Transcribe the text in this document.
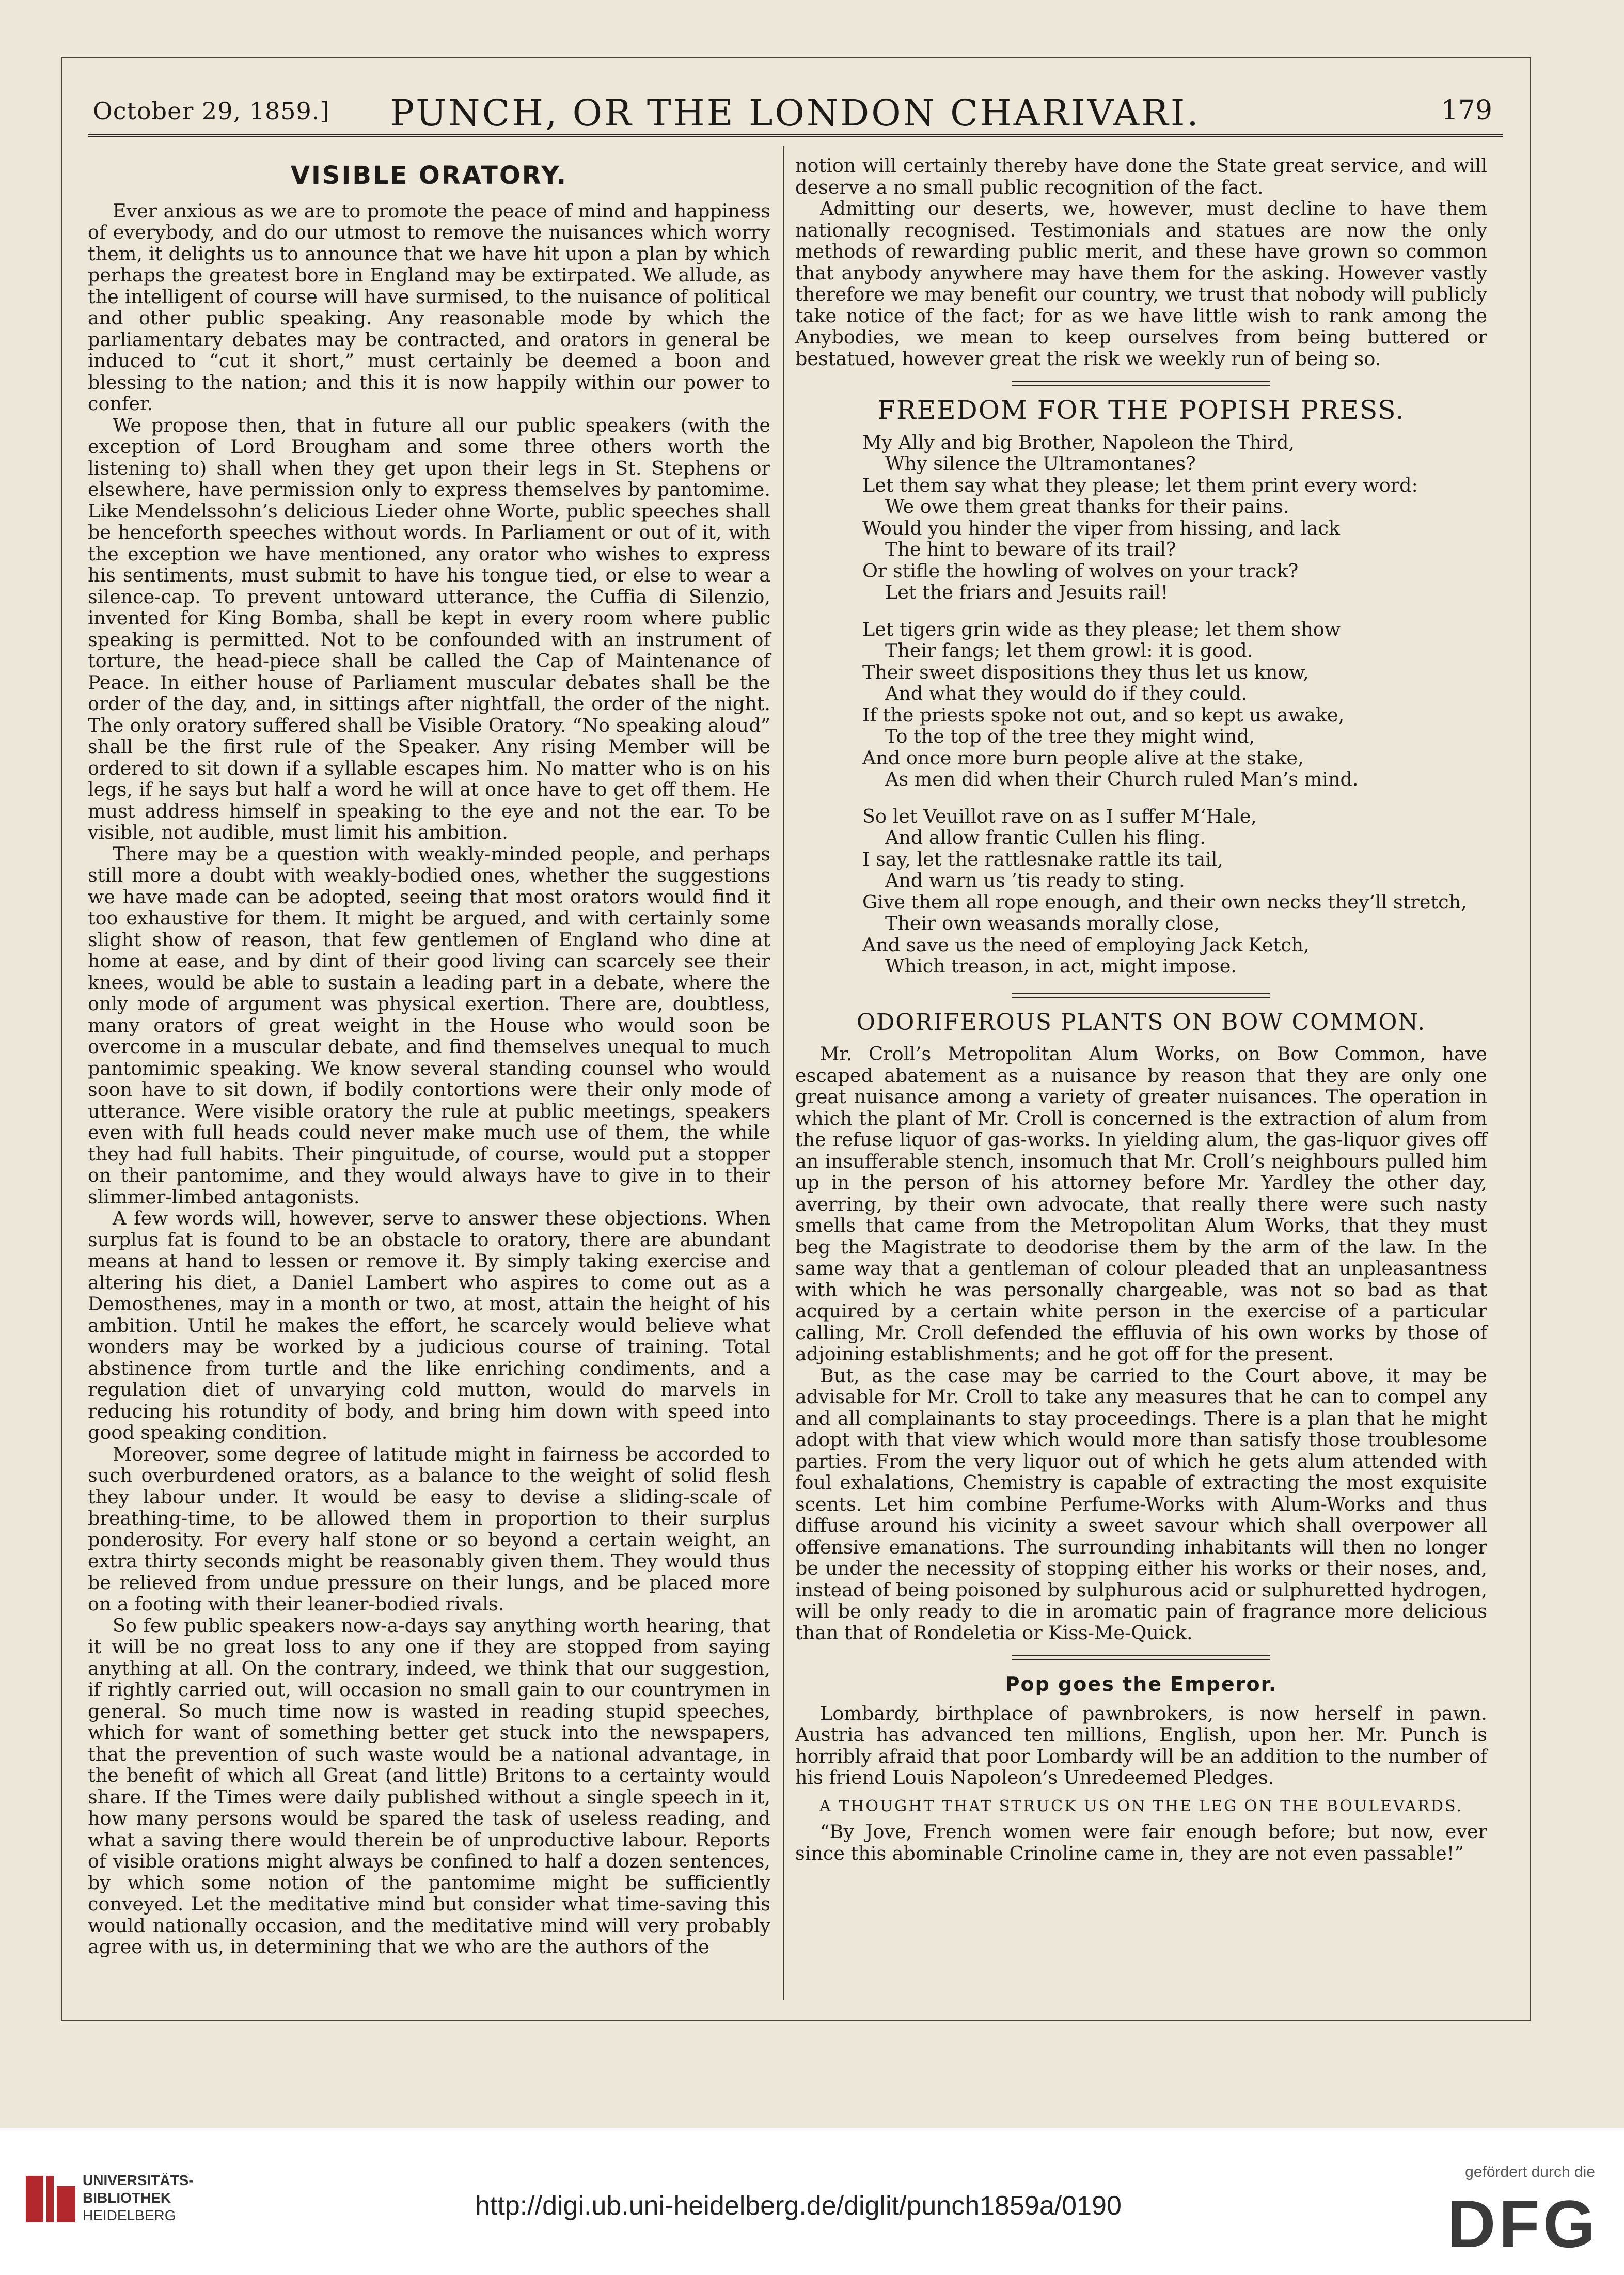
October 29, 1859.]	PUNCH, OR THE LONDON CHARIVARI.	179
VISIBLE ORATORY.

Ever anxious as we are to promote the peace of mind and happiness of everybody, and do our utmost to remove the nuisances which worry them, it delights us to announce that we have hit upon a plan by which perhaps the greatest bore in England may be extirpated. We allude, as the intelligent of course will have surmised, to the nuisance of political and other public speaking. Any reasonable mode by which the parliamentary debates may be contracted, and orators in general be induced to “cut it short,” must certainly be deemed a boon and blessing to the nation; and this it is now happily within our power to confer.

We propose then, that in future all our public speakers (with the exception of Lord Brougham and some three others worth the listening to) shall when they get upon their legs in St. Stephens or elsewhere, have permission only to express themselves by pantomime. Like Mendelssohn’s delicious Lieder ohne Worte, public speeches shall be henceforth speeches without words. In Parliament or out of it, with the exception we have mentioned, any orator who wishes to express his sentiments, must submit to have his tongue tied, or else to wear a silence-cap. To prevent untoward utterance, the Cuffia di Silenzio, invented for King Bomba, shall be kept in every room where public speaking is permitted. Not to be confounded with an instrument of torture, the head-piece shall be called the Cap of Maintenance of Peace. In either house of Parliament muscular debates shall be the order of the day, and, in sittings after nightfall, the order of the night. The only oratory suffered shall be Visible Oratory. “No speaking aloud” shall be the first rule of the Speaker. Any rising Member will be ordered to sit down if a syllable escapes him. No matter who is on his legs, if he says but half a word he will at once have to get off them. He must address himself in speaking to the eye and not the ear. To be visible, not audible, must limit his ambition.

There may be a question with weakly-minded people, and perhaps still more a doubt with weakly-bodied ones, whether the suggestions we have made can be adopted, seeing that most orators would find it too exhaustive for them. It might be argued, and with certainly some slight show of reason, that few gentlemen of England who dine at home at ease, and by dint of their good living can scarcely see their knees, would be able to sustain a leading part in a debate, where the only mode of argument was physical exertion. There are, doubtless, many orators of great weight in the House who would soon be overcome in a muscular debate, and find themselves unequal to much pantomimic speaking. We know several standing counsel who would soon have to sit down, if bodily contortions were their only mode of utterance. Were visible oratory the rule at public meetings, speakers even with full heads could never make much use of them, the while they had full habits. Their pinguitude, of course, would put a stopper on their pantomime, and they would always have to give in to their slimmer-limbed antagonists.

A few words will, however, serve to answer these objections. When surplus fat is found to be an obstacle to oratory, there are abundant means at hand to lessen or remove it. By simply taking exercise and altering his diet, a Daniel Lambert who aspires to come out as a Demosthenes, may in a month or two, at most, attain the height of his ambition. Until he makes the effort, he scarcely would believe what wonders may be worked by a judicious course of training. Total abstinence from turtle and the like enriching condiments, and a regulation diet of unvarying cold mutton, would do marvels in reducing his rotundity of body, and bring him down with speed into good speaking condition.

Moreover, some degree of latitude might in fairness be accorded to such overburdened orators, as a balance to the weight of solid flesh they labour under. It would be easy to devise a sliding-scale of breathing-time, to be allowed them in proportion to their surplus ponderosity. For every half stone or so beyond a certain weight, an extra thirty seconds might be reasonably given them. They would thus be relieved from undue pressure on their lungs, and be placed more on a footing with their leaner-bodied rivals.

So few public speakers now-a-days say anything worth hearing, that it will be no great loss to any one if they are stopped from saying anything at all. On the contrary, indeed, we think that our suggestion, if rightly carried out, will occasion no small gain to our countrymen in general. So much time now is wasted in reading stupid speeches, which for want of something better get stuck into the newspapers, that the prevention of such waste would be a national advantage, in the benefit of which all Great (and little) Britons to a certainty would share. If the Times were daily published without a single speech in it, how many persons would be spared the task of useless reading, and what a saving there would therein be of unproductive labour. Reports of visible orations might always be confined to half a dozen sentences, by which some notion of the pantomime might be sufficiently conveyed. Let the meditative mind but consider what time-saving this would nationally occasion, and the meditative mind will very probably agree with us, in determining that we who are the authors of the

notion will certainly thereby have done the State great service, and will deserve a no small public recognition of the fact.

Admitting our deserts, we, however, must decline to have them nationally recognised. Testimonials and statues are now the only methods of rewarding public merit, and these have grown so common that anybody anywhere may have them for the asking. However vastly therefore we may benefit our country, we trust that nobody will publicly take notice of the fact; for as we have little wish to rank among the Anybodies, we mean to keep ourselves from being buttered or bestatued, however great the risk we weekly run of being so.

FREEDOM FOR THE POPISH PRESS.
My Ally and big Brother, Napoleon the Third,
Why silence the Ultramontanes?
Let them say what they please; let them print every word:
We owe them great thanks for their pains.
Would you hinder the viper from hissing, and lack
The hint to beware of its trail?
Or stifle the howling of wolves on your track?
Let the friars and Jesuits rail!
Let tigers grin wide as they please; let them show
Their fangs; let them growl: it is good.
Their sweet dispositions they thus let us know,
And what they would do if they could.
If the priests spoke not out, and so kept us awake,
To the top of the tree they might wind,
And once more burn people alive at the stake,
As men did when their Church ruled Man’s mind.
So let Veuillot rave on as I suffer M‘Hale,
And allow frantic Cullen his fling.
I say, let the rattlesnake rattle its tail,
And warn us ’tis ready to sting.
Give them all rope enough, and their own necks they’ll stretch,
Their own weasands morally close,
And save us the need of employing Jack Ketch,
Which treason, in act, might impose.
ODORIFEROUS PLANTS ON BOW COMMON.

Mr. Croll’s Metropolitan Alum Works, on Bow Common, have escaped abatement as a nuisance by reason that they are only one great nuisance among a variety of greater nuisances. The operation in which the plant of Mr. Croll is concerned is the extraction of alum from the refuse liquor of gas-works. In yielding alum, the gas-liquor gives off an insufferable stench, insomuch that Mr. Croll’s neighbours pulled him up in the person of his attorney before Mr. Yardley the other day, averring, by their own advocate, that really there were such nasty smells that came from the Metropolitan Alum Works, that they must beg the Magistrate to deodorise them by the arm of the law. In the same way that a gentleman of colour pleaded that an unpleasantness with which he was personally chargeable, was not so bad as that acquired by a certain white person in the exercise of a particular calling, Mr. Croll defended the effluvia of his own works by those of adjoining establishments; and he got off for the present.

But, as the case may be carried to the Court above, it may be advisable for Mr. Croll to take any measures that he can to compel any and all complainants to stay proceedings. There is a plan that he might adopt with that view which would more than satisfy those troublesome parties. From the very liquor out of which he gets alum attended with foul exhalations, Chemistry is capable of extracting the most exquisite scents. Let him combine Perfume-Works with Alum-Works and thus diffuse around his vicinity a sweet savour which shall overpower all offensive emanations. The surrounding inhabitants will then no longer be under the necessity of stopping either his works or their noses, and, instead of being poisoned by sulphurous acid or sulphuretted hydrogen, will be only ready to die in aromatic pain of fragrance more delicious than that of Rondeletia or Kiss-Me-Quick.

Pop goes the Emperor.

Lombardy, birthplace of pawnbrokers, is now herself in pawn. Austria has advanced ten millions, English, upon her. Mr. Punch is horribly afraid that poor Lombardy will be an addition to the number of his friend Louis Napoleon’s Unredeemed Pledges.

A THOUGHT THAT STRUCK US ON THE LEG ON THE BOULEVARDS.

“By Jove, French women were fair enough before; but now, ever since this abominable Crinoline came in, they are not even passable!”

UNIVERSITÄTS-
BIBLIOTHEK
HEIDELBERG	http://digi.ub.uni-heidelberg.de/diglit/punch1859a/0190
gefördert durch die
DFG
